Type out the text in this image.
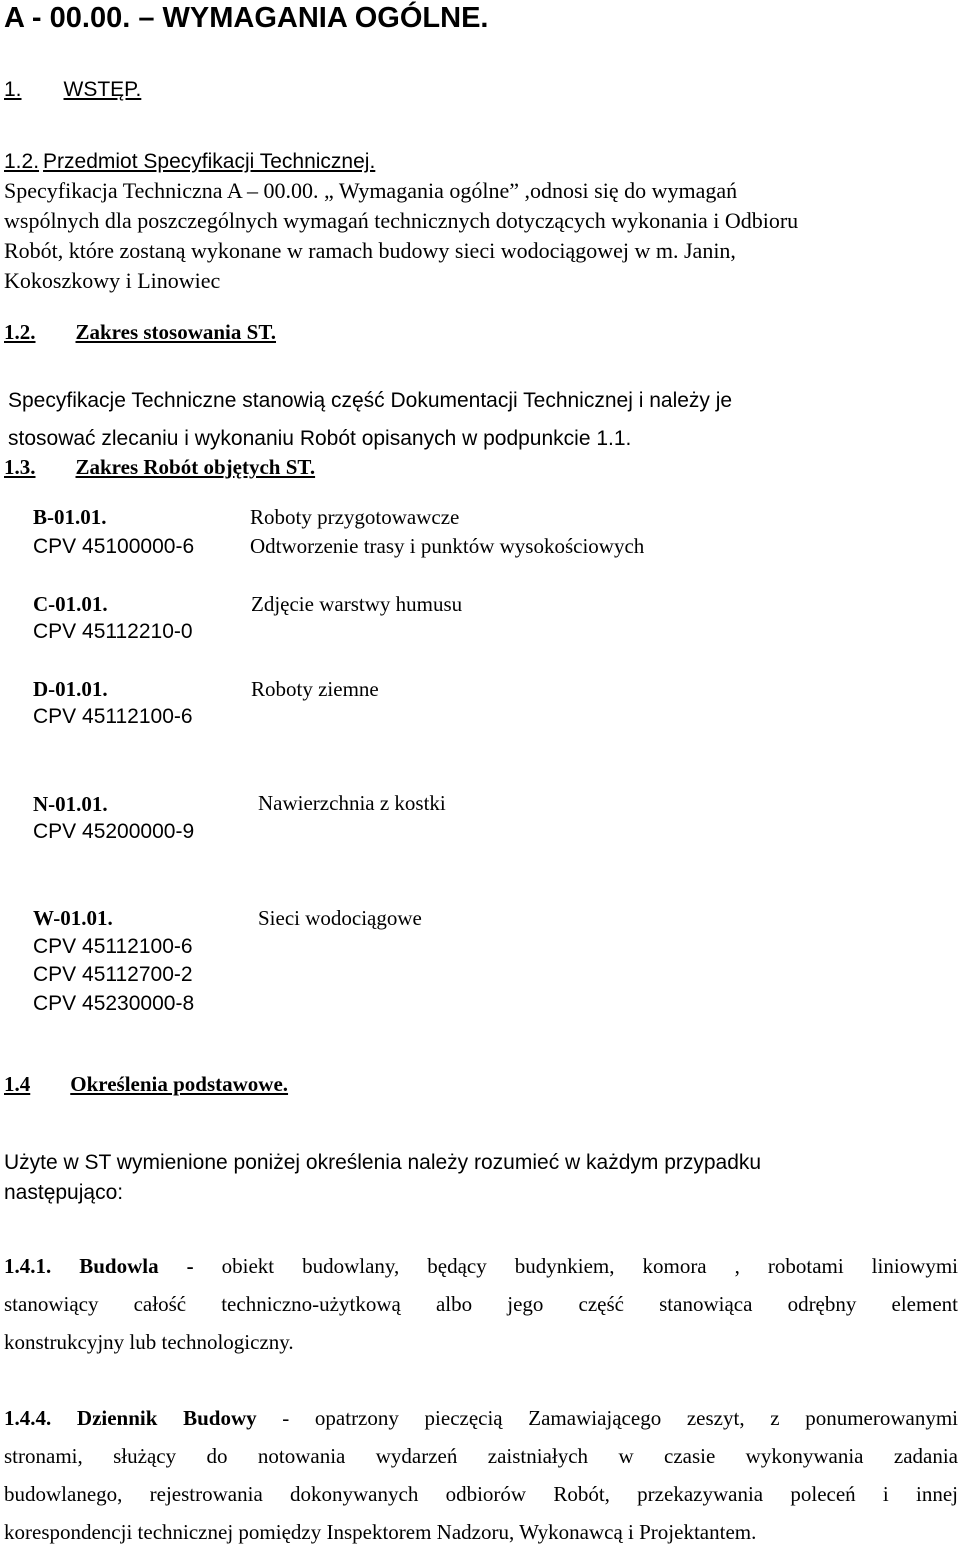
A - 00.00. – WYMAGANIA OGÓLNE.
1. WSTĘP.
1.2. Przedmiot Specyfikacji Technicznej.
Specyfikacja Techniczna A – 00.00. „ Wymagania ogólne” ,odnosi się do wymagań
wspólnych dla poszczególnych wymagań technicznych dotyczących wykonania i Odbioru
Robót, które zostaną wykonane w ramach budowy sieci wodociągowej w m. Janin,
Kokoszkowy i Linowiec
1.2. Zakres stosowania ST.
Specyfikacje Techniczne stanowią część Dokumentacji Technicznej i należy je
stosować zlecaniu i wykonaniu Robót opisanych w podpunkcie 1.1.
1.3. Zakres Robót objętych ST.
B-01.01.
CPV 45100000-6
Roboty przygotowawcze
Odtworzenie trasy i punktów wysokościowych
C-01.01.
CPV 45112210-0
Zdjęcie warstwy humusu
D-01.01.
CPV 45112100-6
Roboty ziemne
N-01.01.
CPV 45200000-9
Nawierzchnia z kostki
W-01.01.
CPV 45112100-6
CPV 45112700-2
CPV 45230000-8
Sieci wodociągowe
1.4 Określenia podstawowe.
Użyte w ST wymienione poniżej określenia należy rozumieć w każdym przypadku
następująco:
1.4.1. Budowla - obiekt budowlany, będący budynkiem, komora , robotami liniowymi
stanowiący całość techniczno-użytkową albo jego część stanowiąca odrębny element
konstrukcyjny lub technologiczny.
1.4.4. Dziennik Budowy - opatrzony pieczęcią Zamawiającego zeszyt, z ponumerowanymi
stronami, służący do notowania wydarzeń zaistniałych w czasie wykonywania zadania
budowlanego, rejestrowania dokonywanych odbiorów Robót, przekazywania poleceń i innej
korespondencji technicznej pomiędzy Inspektorem Nadzoru, Wykonawcą i Projektantem.
